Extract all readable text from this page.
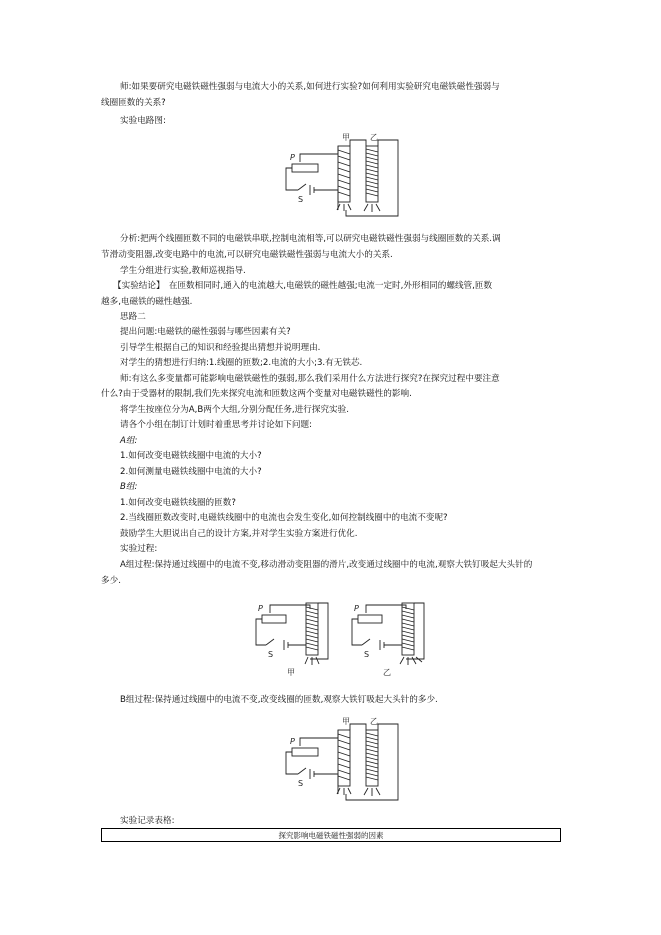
师:如果要研究电磁铁磁性强弱与电流大小的关系,如何进行实验?如何利用实验研究电磁铁磁性强弱与
线圈匝数的关系?
实验电路图:
甲	乙
P
S
分析:把两个线圈匝数不同的电磁铁串联,控制电流相等,可以研究电磁铁磁性强弱与线圈匝数的关系.调
节滑动变阻器,改变电路中的电流,可以研究电磁铁磁性强弱与电流大小的关系.
学生分组进行实验,教师巡视指导.
【实验结论】　在匝数相同时,通入的电流越大,电磁铁的磁性越强;电流一定时,外形相同的螺线管,匝数
越多,电磁铁的磁性越强.
思路二
提出问题:电磁铁的磁性强弱与哪些因素有关?
引导学生根据自己的知识和经验提出猜想并说明理由.
对学生的猜想进行归纳:1.线圈的匝数;2.电流的大小;3.有无铁芯.
师:有这么多变量都可能影响电磁铁磁性的强弱,那么我们采用什么方法进行探究?在探究过程中要注意
什么?由于受器材的限制,我们先来探究电流和匝数这两个变量对电磁铁磁性的影响.
将学生按座位分为A,B两个大组,分别分配任务,进行探究实验.
请各个小组在制订计划时着重思考并讨论如下问题:
A组:
1.如何改变电磁铁线圈中电流的大小?
2.如何测量电磁铁线圈中电流的大小?
B组:
1.如何改变电磁铁线圈的匝数?
2.当线圈匝数改变时,电磁铁线圈中的电流也会发生变化,如何控制线圈中的电流不变呢?
鼓励学生大胆说出自己的设计方案,并对学生实验方案进行优化.
实验过程:
A组过程:保持通过线圈中的电流不变,移动滑动变阻器的滑片,改变通过线圈中的电流,观察大铁钉吸起大头针的
多少.
P
S
甲
P
S
乙
B组过程:保持通过线圈中的电流不变,改变线圈的匝数,观察大铁钉吸起大头针的多少.
甲	乙
P
S
实验记录表格:
探究影响电磁铁磁性强弱的因素
